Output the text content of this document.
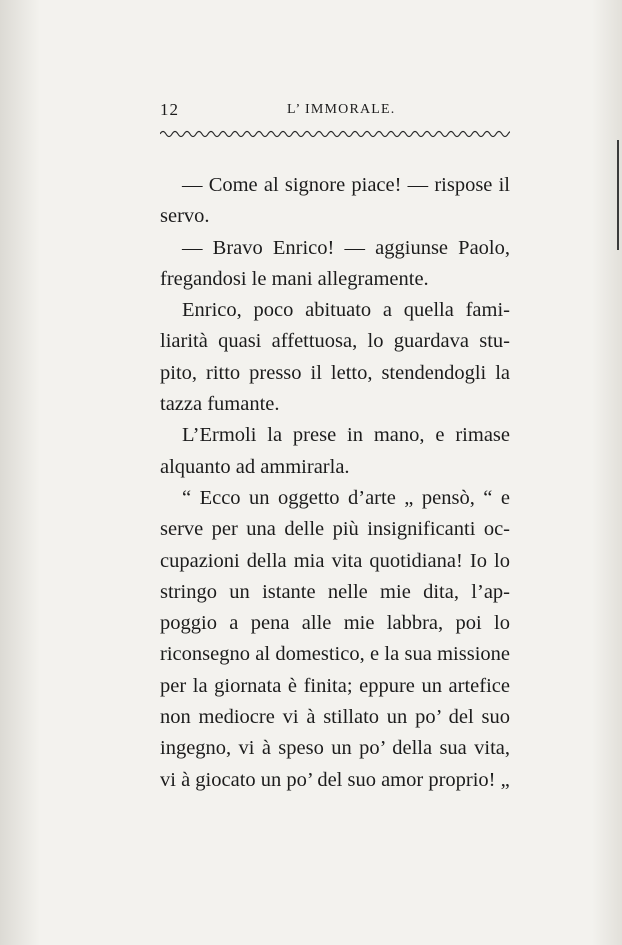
12	L’ IMMORALE.

— Come al signore piace! — rispose il servo.

— Bravo Enrico! — aggiunse Paolo, fregandosi le mani allegramente.

Enrico, poco abituato a quella familiarità quasi affettuosa, lo guardava stupito, ritto presso il letto, stendendogli la tazza fumante.

L’Ermoli la prese in mano, e rimase alquanto ad ammirarla.

“ Ecco un oggetto d’arte „ pensò, “ e serve per una delle più insignificanti occupazioni della mia vita quotidiana! Io lo stringo un istante nelle mie dita, l’appoggio a pena alle mie labbra, poi lo riconsegno al domestico, e la sua missione per la giornata è finita; eppure un artefice non mediocre vi à stillato un po’ del suo ingegno, vi à speso un po’ della sua vita, vi à giocato un po’ del suo amor proprio! „
